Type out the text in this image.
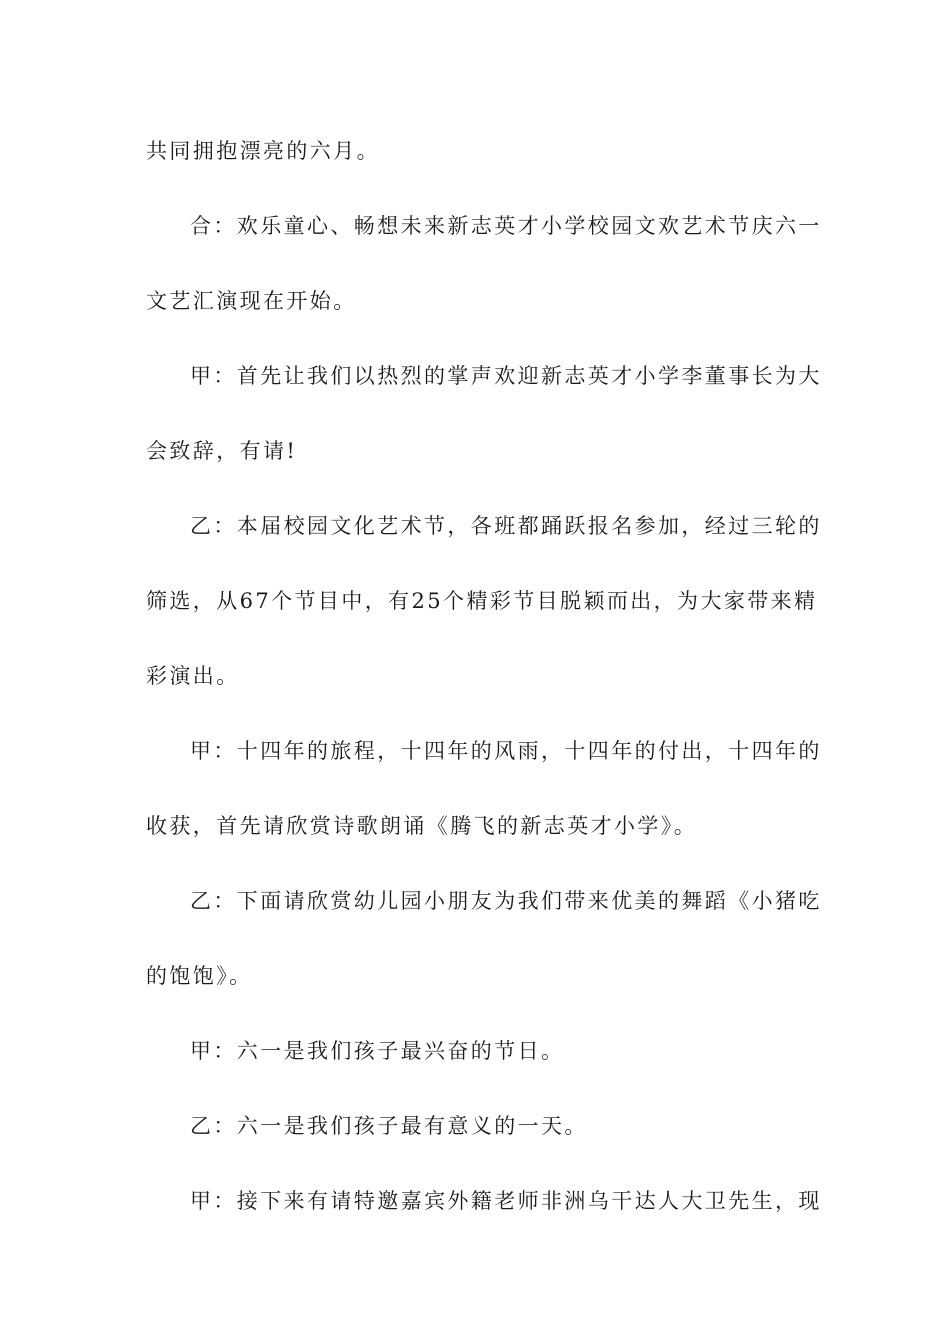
共同拥抱漂亮的六月。
合：欢乐童心、畅想未来新志英才小学校园文欢艺术节庆六一
文艺汇演现在开始。
甲：首先让我们以热烈的掌声欢迎新志英才小学李董事长为大
会致辞，有请!
乙：本届校园文化艺术节，各班都踊跃报名参加，经过三轮的
筛选，从67个节目中，有25个精彩节目脱颖而出，为大家带来精
彩演出。
甲：十四年的旅程，十四年的风雨，十四年的付出，十四年的
收获，首先请欣赏诗歌朗诵《腾飞的新志英才小学》。
乙：下面请欣赏幼儿园小朋友为我们带来优美的舞蹈《小猪吃
的饱饱》。
甲：六一是我们孩子最兴奋的节日。
乙：六一是我们孩子最有意义的一天。
甲：接下来有请特邀嘉宾外籍老师非洲乌干达人大卫先生，现
